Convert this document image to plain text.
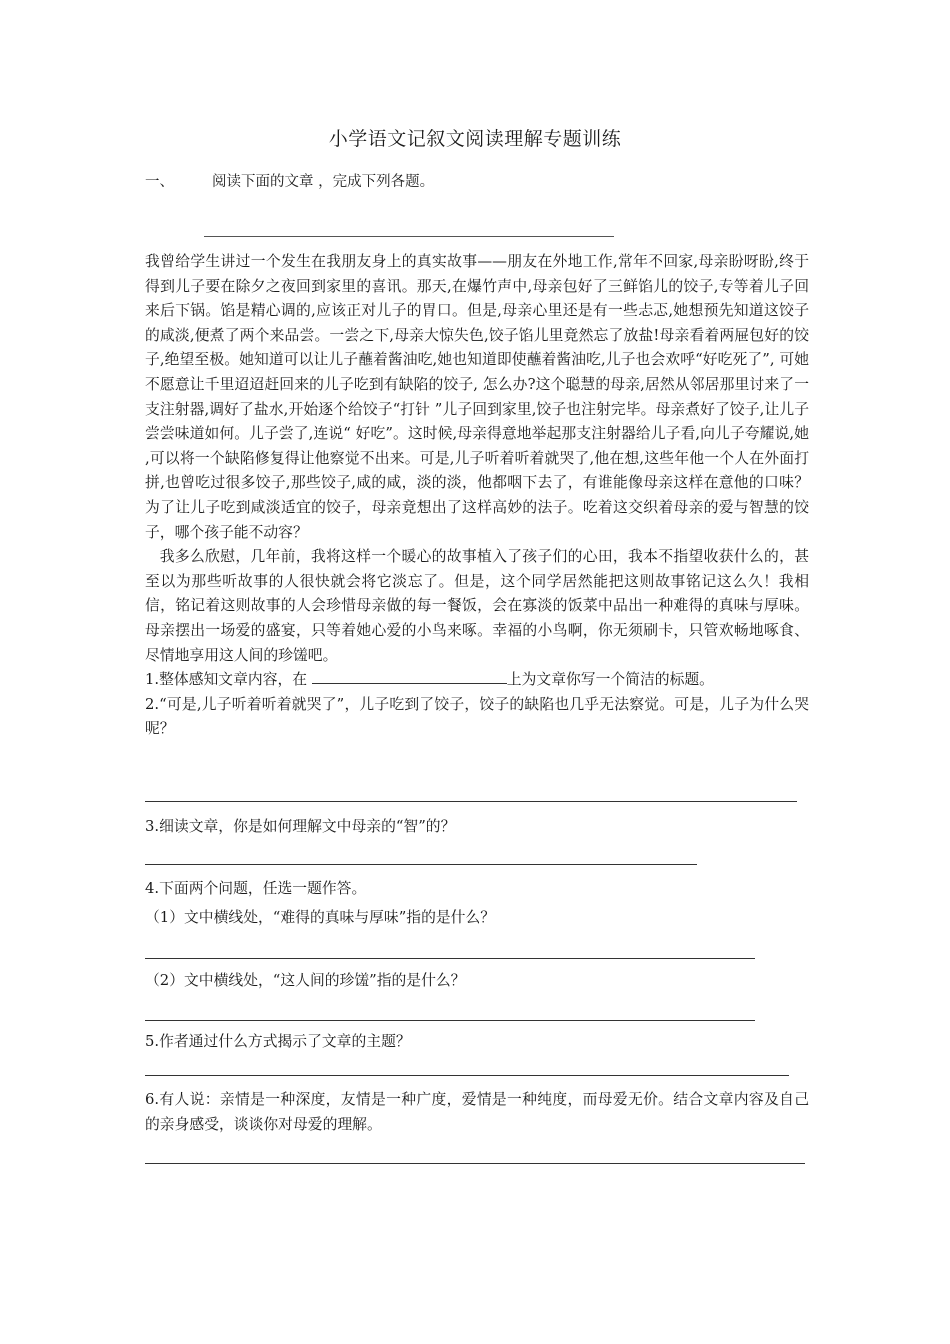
小学语文记叙文阅读理解专题训练
一、	阅读下面的文章 ，完成下列各题。

我曾给学生讲过一个发生在我朋友身上的真实故事——朋友在外地工作,常年不回家,母亲盼呀盼,终于得到儿子要在除夕之夜回到家里的喜讯。那天,在爆竹声中,母亲包好了三鲜馅儿的饺子,专等着儿子回来后下锅。馅是精心调的,应该正对儿子的胃口。但是,母亲心里还是有一些忐忑,她想预先知道这饺子的咸淡,便煮了两个来品尝。一尝之下,母亲大惊失色,饺子馅儿里竟然忘了放盐!母亲看着两屉包好的饺子,绝望至极。她知道可以让儿子蘸着酱油吃,她也知道即使蘸着酱油吃,儿子也会欢呼“好吃死了”, 可她不愿意让千里迢迢赶回来的儿子吃到有缺陷的饺子, 怎么办?这个聪慧的母亲,居然从邻居那里讨来了一支注射器,调好了盐水,开始逐个给饺子“打针 ”儿子回到家里,饺子也注射完毕。母亲煮好了饺子,让儿子尝尝味道如何。儿子尝了,连说“ 好吃”。这时候,母亲得意地举起那支注射器给儿子看,向儿子夸耀说,她 ,可以将一个缺陷修复得让他察觉不出来。可是,儿子听着听着就哭了,他在想,这些年他一个人在外面打拼,也曾吃过很多饺子,那些饺子,咸的咸，淡的淡，他都咽下去了，有谁能像母亲这样在意他的口味？为了让儿子吃到咸淡适宜的饺子，母亲竟想出了这样高妙的法子。吃着这交织着母亲的爱与智慧的饺子，哪个孩子能不动容？

我多么欣慰，几年前，我将这样一个暖心的故事植入了孩子们的心田，我本不指望收获什么的，甚至以为那些听故事的人很快就会将它淡忘了。但是，这个同学居然能把这则故事铭记这么久！我相信，铭记着这则故事的人会珍惜母亲做的每一餐饭，会在寡淡的饭菜中品出一种难得的真味与厚味。母亲摆出一场爱的盛宴，只等着她心爱的小鸟来啄。幸福的小鸟啊，你无须刷卡，只管欢畅地啄食、尽情地享用这人间的珍馐吧。

1.整体感知文章内容，在	上为文章你写一个简洁的标题。

2.“可是,儿子听着听着就哭了”，儿子吃到了饺子，饺子的缺陷也几乎无法察觉。可是，儿子为什么哭呢？

3.细读文章，你是如何理解文中母亲的“智”的？
4.下面两个问题，任选一题作答。
（1）文中横线处，“难得的真味与厚味”指的是什么？
（2）文中横线处，“这人间的珍馐”指的是什么？
5.作者通过什么方式揭示了文章的主题？
6.有人说：亲情是一种深度，友情是一种广度，爱情是一种纯度，而母爱无价。结合文章内容及自己的亲身感受，谈谈你对母爱的理解。
